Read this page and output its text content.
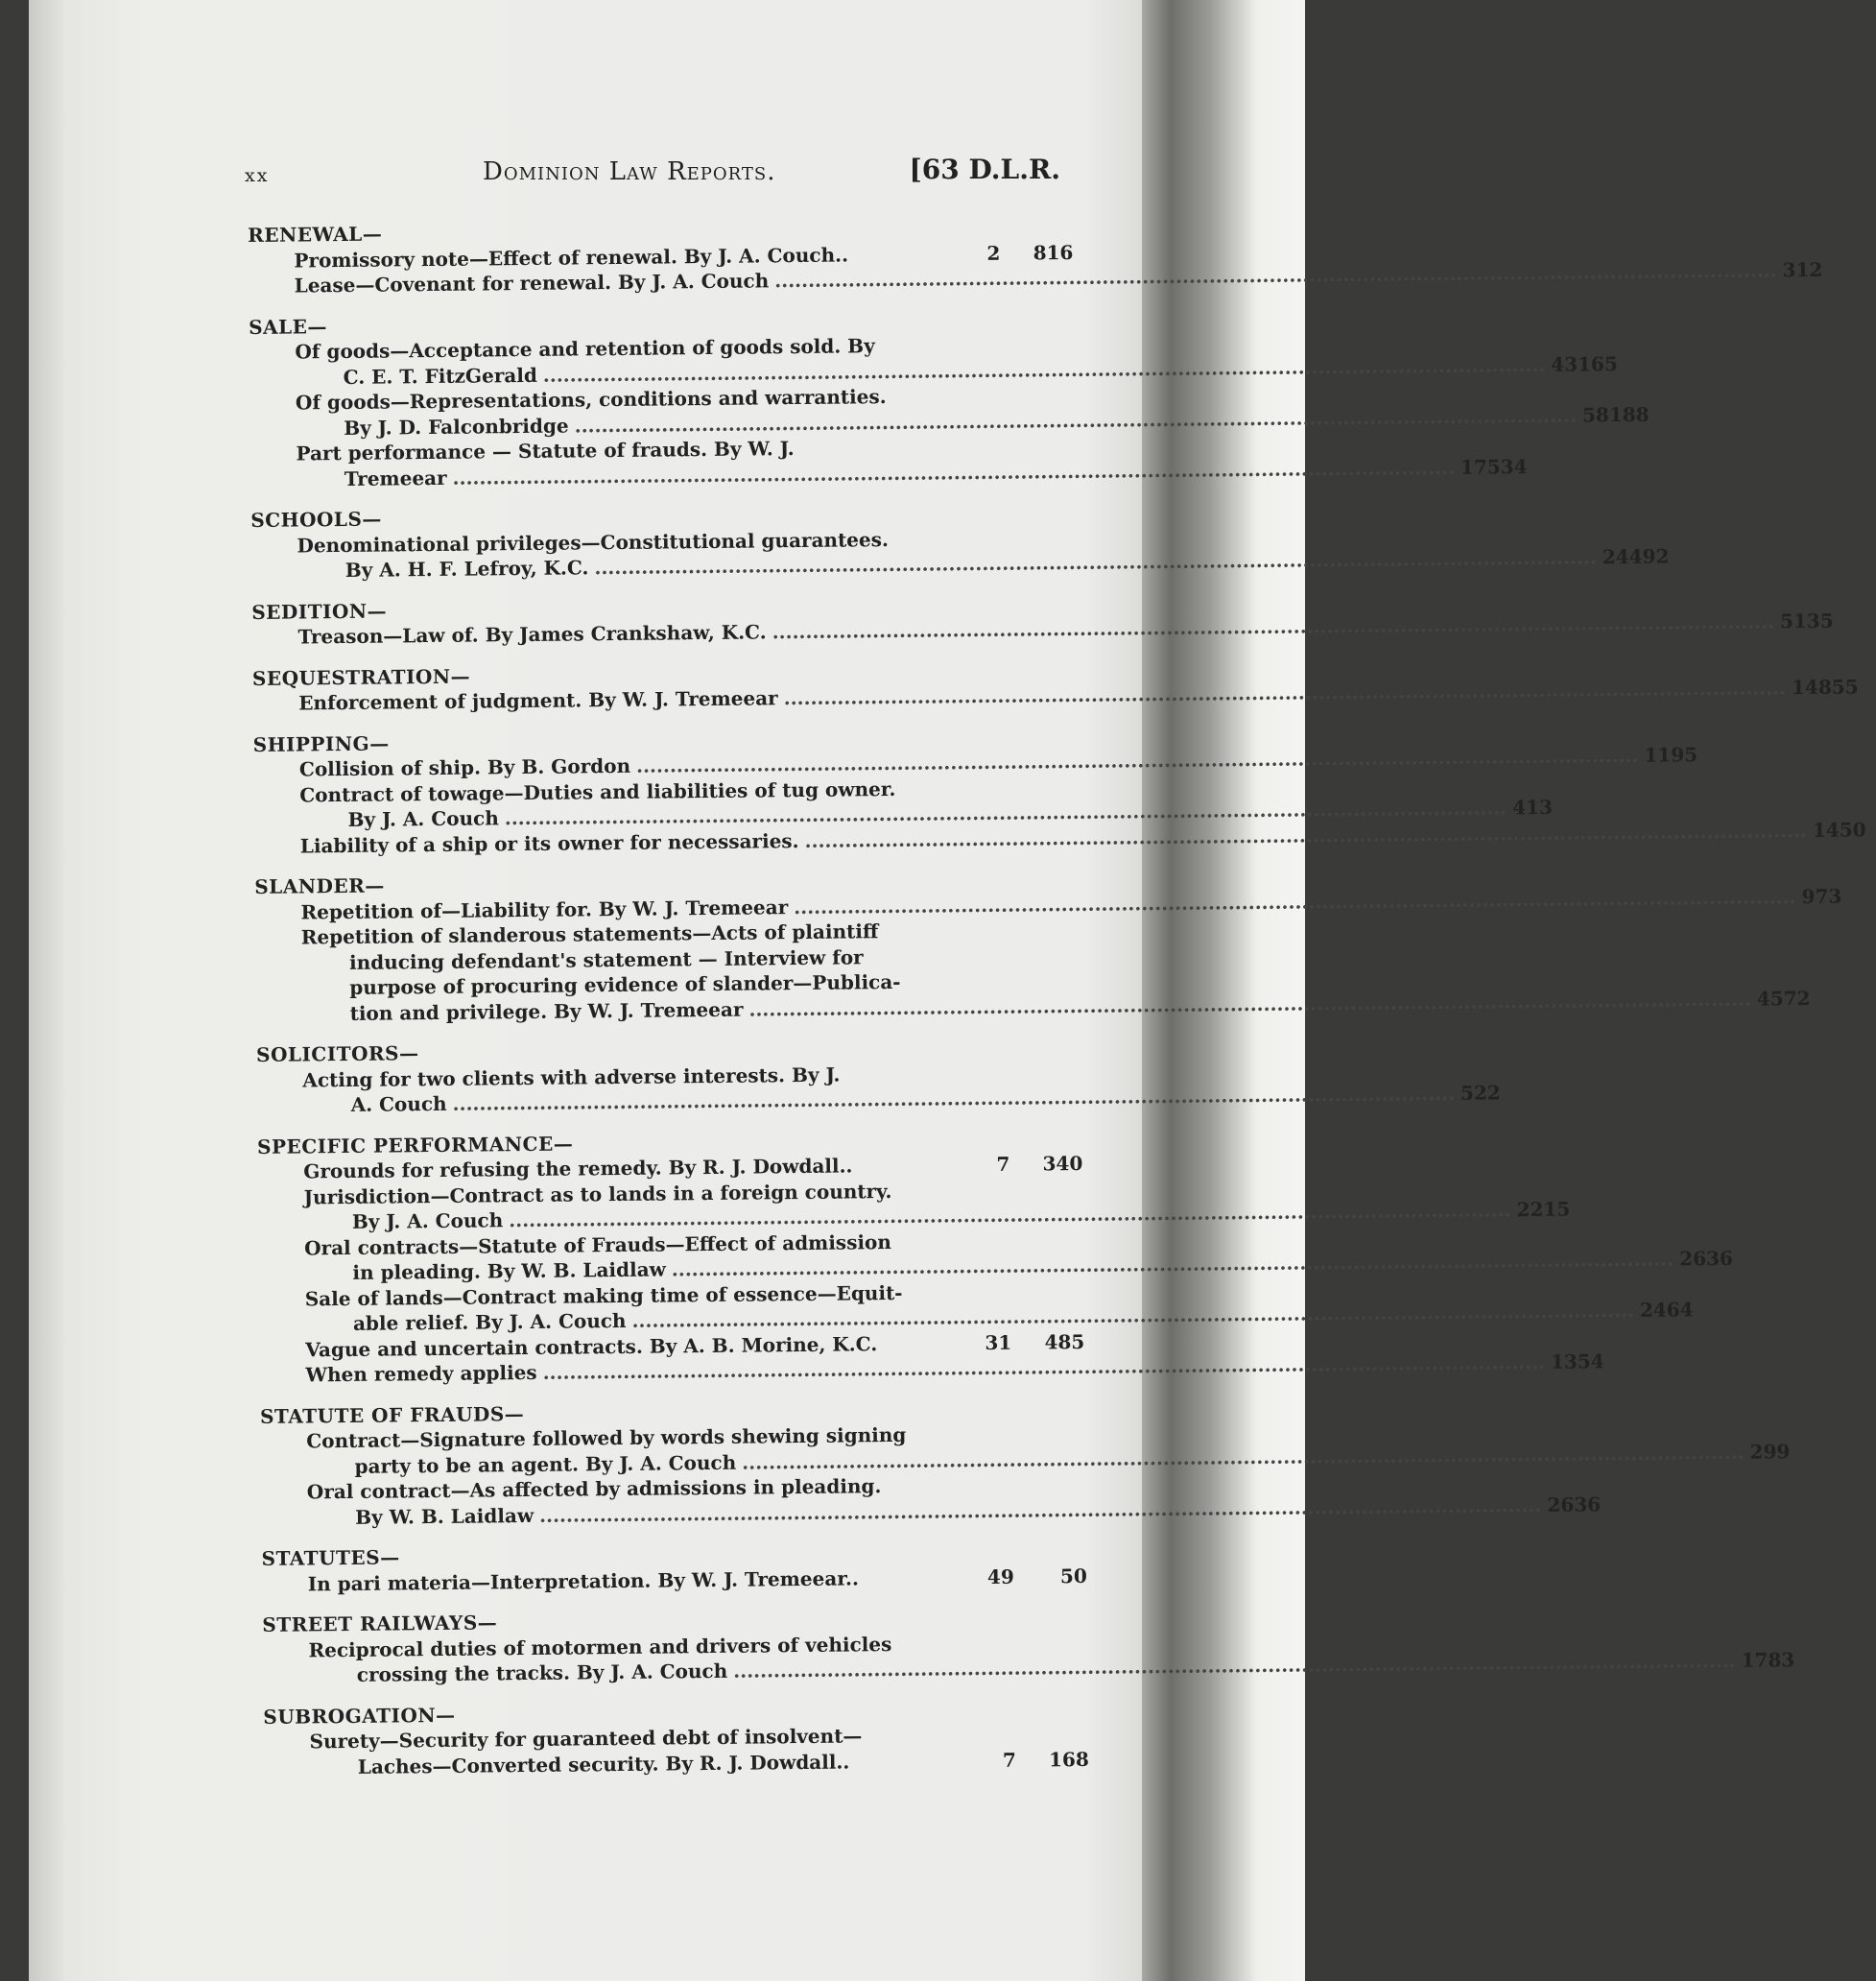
xx	Dominion Law Reports.	[63 D.L.R.
RENEWAL—
Promissory note—Effect of renewal. By J. A. Couch..	2	816
Lease—Covenant for renewal. By J. A. Couch .....	3 12
SALE—
Of goods—Acceptance and retention of goods sold. By
C. E. T. FitzGerald .....	43 165
Of goods—Representations, conditions and warranties.
By J. D. Falconbridge .....	58 188
Part performance — Statute of frauds. By W. J.
Tremeear .....	17 534
SCHOOLS—
Denominational privileges—Constitutional guarantees.
By A. H. F. Lefroy, K.C. .....	24 492
SEDITION—
Treason—Law of. By James Crankshaw, K.C. .....	51 35
SEQUESTRATION—
Enforcement of judgment. By W. J. Tremeear .....	14 855
SHIPPING—
Collision of ship. By B. Gordon .....	11 95
Contract of towage—Duties and liabilities of tug owner.
By J. A. Couch .....	4 13
Liability of a ship or its owner for necessaries. .....	1 450
SLANDER—
Repetition of—Liability for. By W. J. Tremeear .....	9 73
Repetition of slanderous statements—Acts of plaintiff
inducing defendant's statement — Interview for
purpose of procuring evidence of slander—Publica-
tion and privilege. By W. J. Tremeear .....	4 572
SOLICITORS—
Acting for two clients with adverse interests. By J.
A. Couch .....	5 22
SPECIFIC PERFORMANCE—
Grounds for refusing the remedy. By R. J. Dowdall..	7	340
Jurisdiction—Contract as to lands in a foreign country.
By J. A. Couch .....	2 215
Oral contracts—Statute of Frauds—Effect of admission
in pleading. By W. B. Laidlaw .....	2 636
Sale of lands—Contract making time of essence—Equit-
able relief. By J. A. Couch .....	2 464
Vague and uncertain contracts. By A. B. Morine, K.C.	31	485
When remedy applies .....	1 354
STATUTE OF FRAUDS—
Contract—Signature followed by words shewing signing
party to be an agent. By J. A. Couch .....	2 99
Oral contract—As affected by admissions in pleading.
By W. B. Laidlaw .....	2 636
STATUTES—
In pari materia—Interpretation. By W. J. Tremeear..	49	50
STREET RAILWAYS—
Reciprocal duties of motormen and drivers of vehicles
crossing the tracks. By J. A. Couch .....	1 783
SUBROGATION—
Surety—Security for guaranteed debt of insolvent—
Laches—Converted security. By R. J. Dowdall..	7	168
